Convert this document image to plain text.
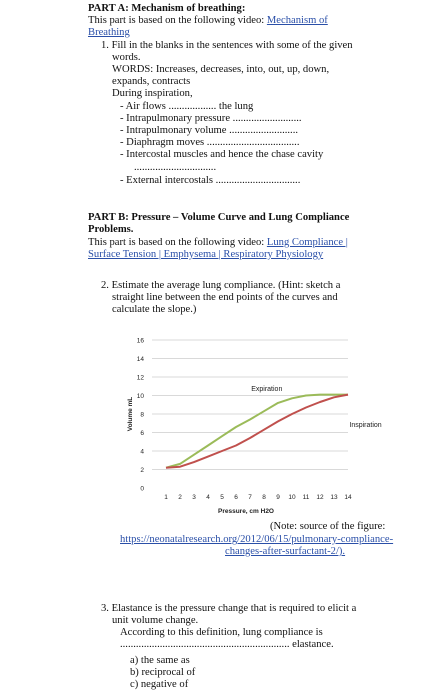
PART A: Mechanism of breathing:
This part is based on the following video: Mechanism of
Breathing
1. Fill in the blanks in the sentences with some of the given
words.
WORDS: Increases, decreases, into, out, up, down,
expands, contracts
During inspiration,
- Air flows .................. the lung
- Intrapulmonary pressure ..........................
- Intrapulmonary volume ..........................
- Diaphragm moves ...................................
- Intercostal muscles and hence the chase cavity
...............................
- External intercostals ................................
PART B: Pressure – Volume Curve and Lung Compliance
Problems.
This part is based on the following video: Lung Compliance |
Surface Tension | Emphysema | Respiratory Physiology
2. Estimate the average lung compliance. (Hint: sketch a
straight line between the end points of the curves and
calculate the slope.)
0
2
4
6
8
10
12
14
16
1 2 3 4 5 6 7 8 9 10 11 12 13 14
Pressure, cm H2O
Volume mL
Expiration
Inspiration
(Note: source of the figure:
https://neonatalresearch.org/2012/06/15/pulmonary-compliance-
changes-after-surfactant-2/).
3. Elastance is the pressure change that is required to elicit a
unit volume change.
According to this definition, lung compliance is
................................................................ elastance.
a) the same as
b) reciprocal of
c) negative of
